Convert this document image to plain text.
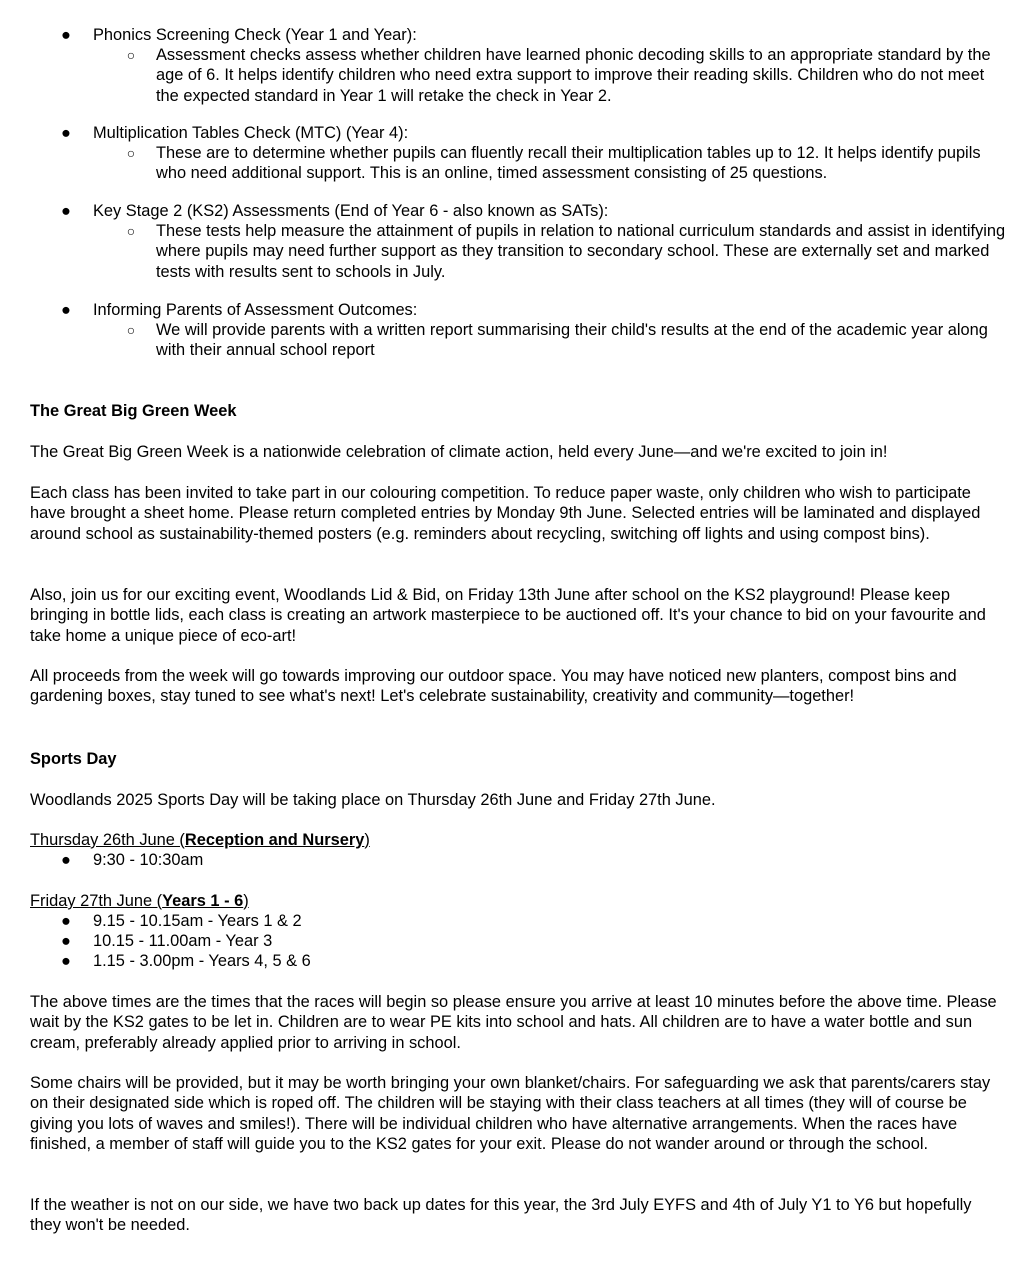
● Phonics Screening Check (Year 1 and Year):
○ Assessment checks assess whether children have learned phonic decoding skills to an appropriate standard by the age of 6. It helps identify children who need extra support to improve their reading skills. Children who do not meet the expected standard in Year 1 will retake the check in Year 2.
● Multiplication Tables Check (MTC) (Year 4):
○ These are to determine whether pupils can fluently recall their multiplication tables up to 12. It helps identify pupils who need additional support. This is an online, timed assessment consisting of 25 questions.
● Key Stage 2 (KS2) Assessments (End of Year 6 - also known as SATs):
○ These tests help measure the attainment of pupils in relation to national curriculum standards and assist in identifying where pupils may need further support as they transition to secondary school. These are externally set and marked tests with results sent to schools in July.
● Informing Parents of Assessment Outcomes:
○ We will provide parents with a written report summarising their child's results at the end of the academic year along with their annual school report
The Great Big Green Week
The Great Big Green Week is a nationwide celebration of climate action, held every June—and we're excited to join in!
Each class has been invited to take part in our colouring competition. To reduce paper waste, only children who wish to participate have brought a sheet home. Please return completed entries by Monday 9th June. Selected entries will be laminated and displayed around school as sustainability-themed posters (e.g. reminders about recycling, switching off lights and using compost bins).
Also, join us for our exciting event, Woodlands Lid & Bid, on Friday 13th June after school on the KS2 playground! Please keep bringing in bottle lids, each class is creating an artwork masterpiece to be auctioned off. It's your chance to bid on your favourite and take home a unique piece of eco-art!
All proceeds from the week will go towards improving our outdoor space. You may have noticed new planters, compost bins and gardening boxes, stay tuned to see what's next! Let's celebrate sustainability, creativity and community—together!
Sports Day
Woodlands 2025 Sports Day will be taking place on Thursday 26th June and Friday 27th June.
Thursday 26th June (Reception and Nursery)
● 9:30 - 10:30am
Friday 27th June (Years 1 - 6)
● 9.15 - 10.15am - Years 1 & 2
● 10.15 - 11.00am - Year 3
● 1.15 - 3.00pm - Years 4, 5 & 6
The above times are the times that the races will begin so please ensure you arrive at least 10 minutes before the above time. Please wait by the KS2 gates to be let in. Children are to wear PE kits into school and hats. All children are to have a water bottle and sun cream, preferably already applied prior to arriving in school.
Some chairs will be provided, but it may be worth bringing your own blanket/chairs. For safeguarding we ask that parents/carers stay on their designated side which is roped off. The children will be staying with their class teachers at all times (they will of course be giving you lots of waves and smiles!). There will be individual children who have alternative arrangements. When the races have finished, a member of staff will guide you to the KS2 gates for your exit. Please do not wander around or through the school.
If the weather is not on our side, we have two back up dates for this year, the 3rd July EYFS and 4th of July Y1 to Y6 but hopefully they won't be needed.
